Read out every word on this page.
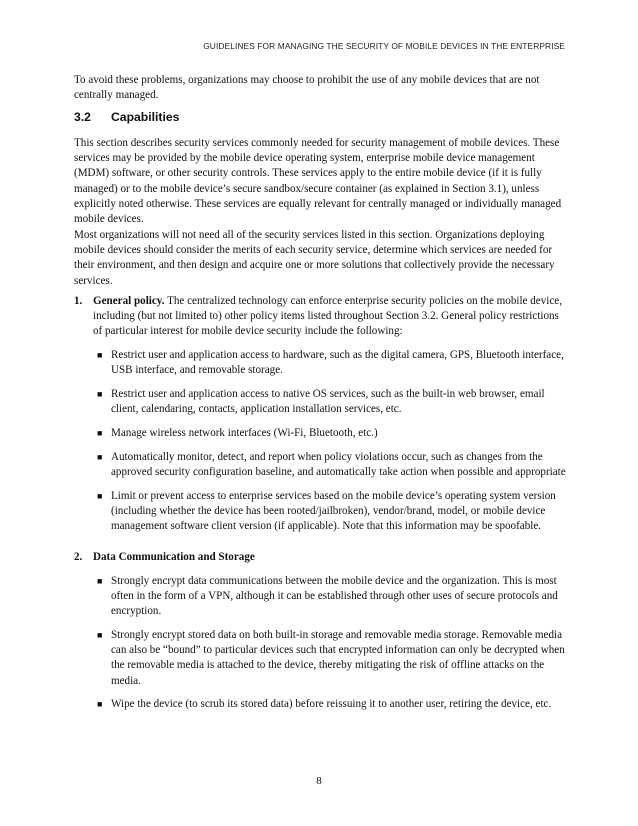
GUIDELINES FOR MANAGING THE SECURITY OF MOBILE DEVICES IN THE ENTERPRISE

To avoid these problems, organizations may choose to prohibit the use of any mobile devices that are not centrally managed.

3.2 Capabilities

This section describes security services commonly needed for security management of mobile devices. These services may be provided by the mobile device operating system, enterprise mobile device management (MDM) software, or other security controls. These services apply to the entire mobile device (if it is fully managed) or to the mobile device’s secure sandbox/secure container (as explained in Section 3.1), unless explicitly noted otherwise. These services are equally relevant for centrally managed or individually managed mobile devices.

Most organizations will not need all of the security services listed in this section. Organizations deploying mobile devices should consider the merits of each security service, determine which services are needed for their environment, and then design and acquire one or more solutions that collectively provide the necessary services.

1. General policy. The centralized technology can enforce enterprise security policies on the mobile device, including (but not limited to) other policy items listed throughout Section 3.2. General policy restrictions of particular interest for mobile device security include the following:
■ Restrict user and application access to hardware, such as the digital camera, GPS, Bluetooth interface, USB interface, and removable storage.
■ Restrict user and application access to native OS services, such as the built-in web browser, email client, calendaring, contacts, application installation services, etc.
■ Manage wireless network interfaces (Wi-Fi, Bluetooth, etc.)
■ Automatically monitor, detect, and report when policy violations occur, such as changes from the approved security configuration baseline, and automatically take action when possible and appropriate
■ Limit or prevent access to enterprise services based on the mobile device’s operating system version (including whether the device has been rooted/jailbroken), vendor/brand, model, or mobile device management software client version (if applicable). Note that this information may be spoofable.
2. Data Communication and Storage
■ Strongly encrypt data communications between the mobile device and the organization. This is most often in the form of a VPN, although it can be established through other uses of secure protocols and encryption.
■ Strongly encrypt stored data on both built-in storage and removable media storage. Removable media can also be “bound” to particular devices such that encrypted information can only be decrypted when the removable media is attached to the device, thereby mitigating the risk of offline attacks on the media.
■ Wipe the device (to scrub its stored data) before reissuing it to another user, retiring the device, etc.
8
